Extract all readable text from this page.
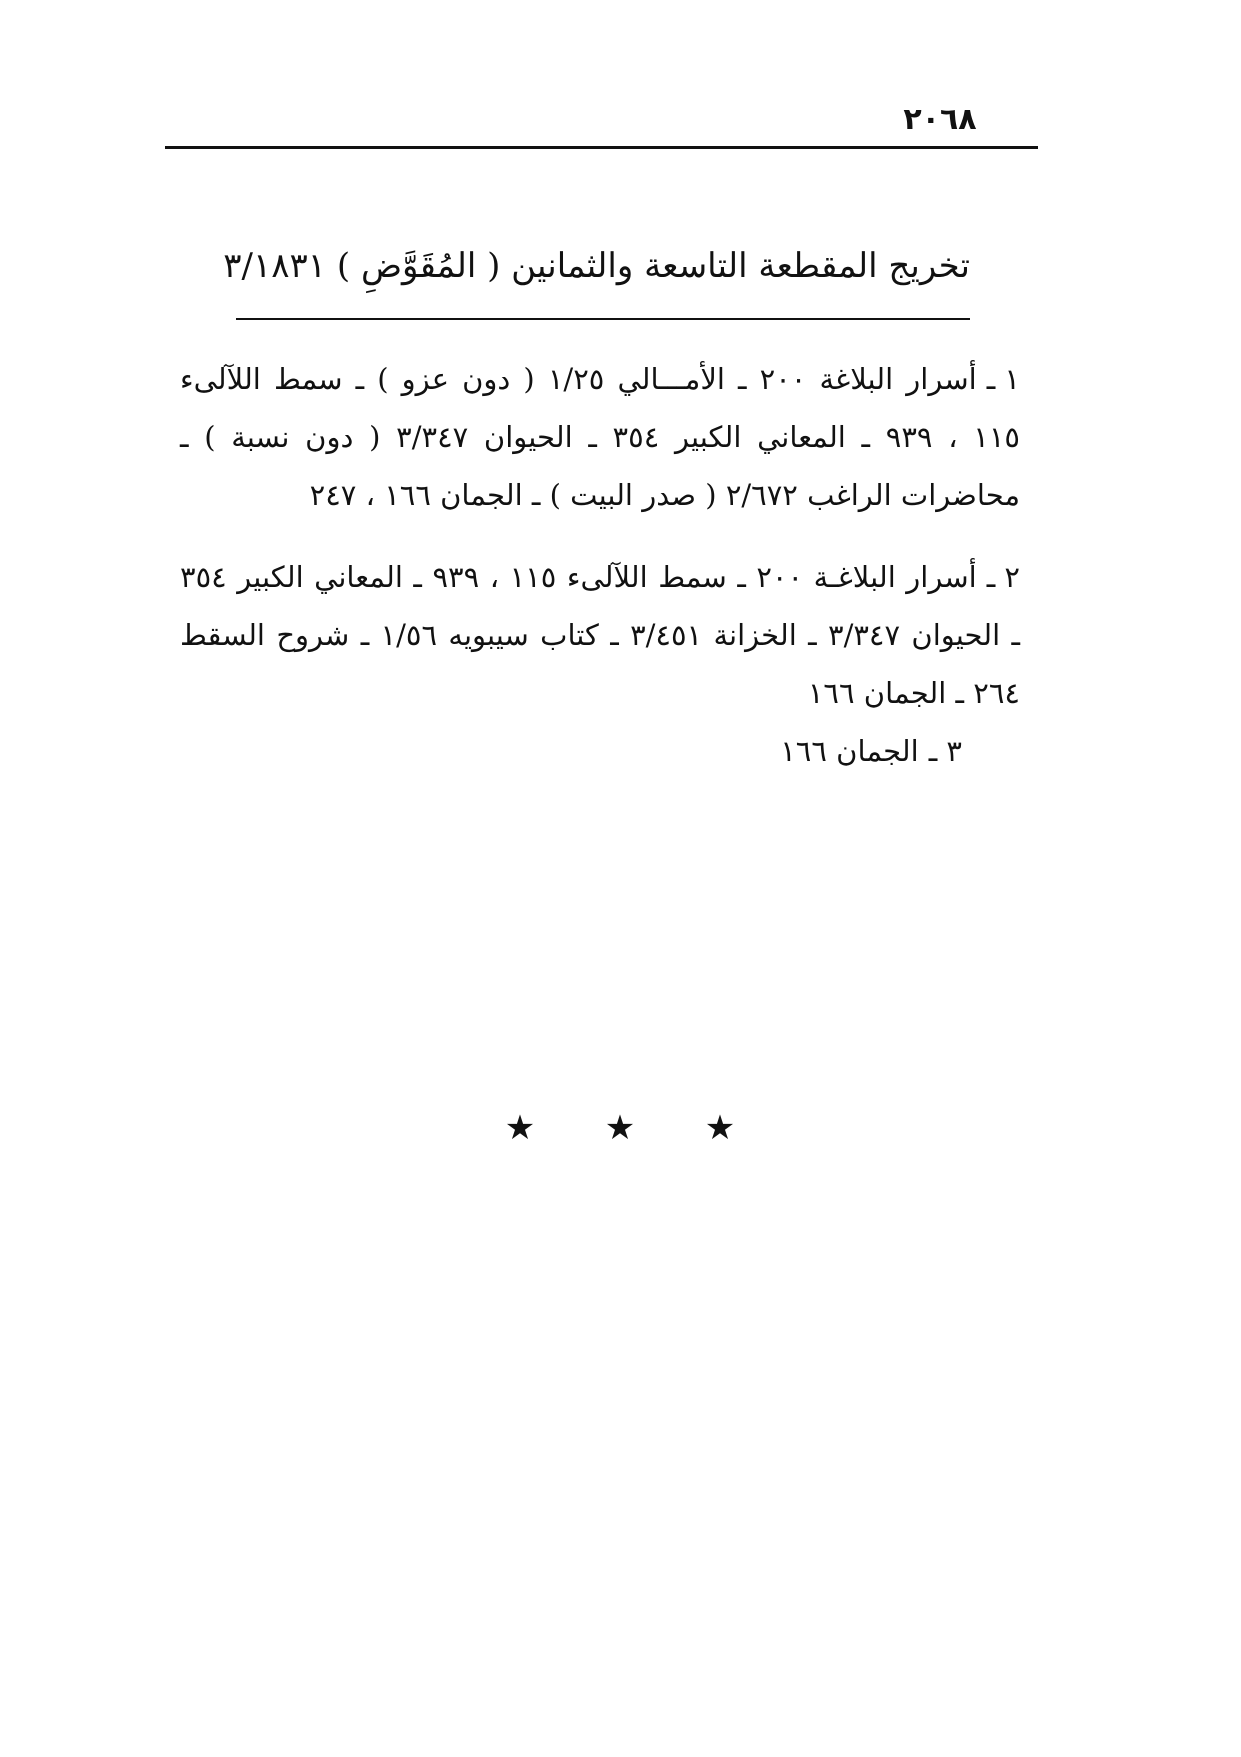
٢٠٦٨
تخريج المقطعة التاسعة والثمانين ( المُقَوَّضِ ) ٣/١٨٣١

١ ـأسرار البلاغة ٢٠٠ ـ الأمـــالي ١/٢٥ ( دون عزو ) ـ سمط اللآلىء ١١٥ ، ٩٣٩ ـ المعاني الكبير ٣٥٤ ـ الحيوان ٣/٣٤٧ ( دون نسبة ) ـ محاضرات الراغب ٢/٦٧٢ ( صدر البيت ) ـ الجمان ١٦٦ ، ٢٤٧

٢ ـأسرار البلاغـة ٢٠٠ ـ سمط اللآلىء ١١٥ ، ٩٣٩ ـ المعاني الكبير ٣٥٤ ـ الحيوان ٣/٣٤٧ ـ الخزانة ٣/٤٥١ ـ كتاب سيبويه ١/٥٦ ـ شروح السقط ٢٦٤ ـ الجمان ١٦٦

٣ ـالجمان ١٦٦

★	★	★
